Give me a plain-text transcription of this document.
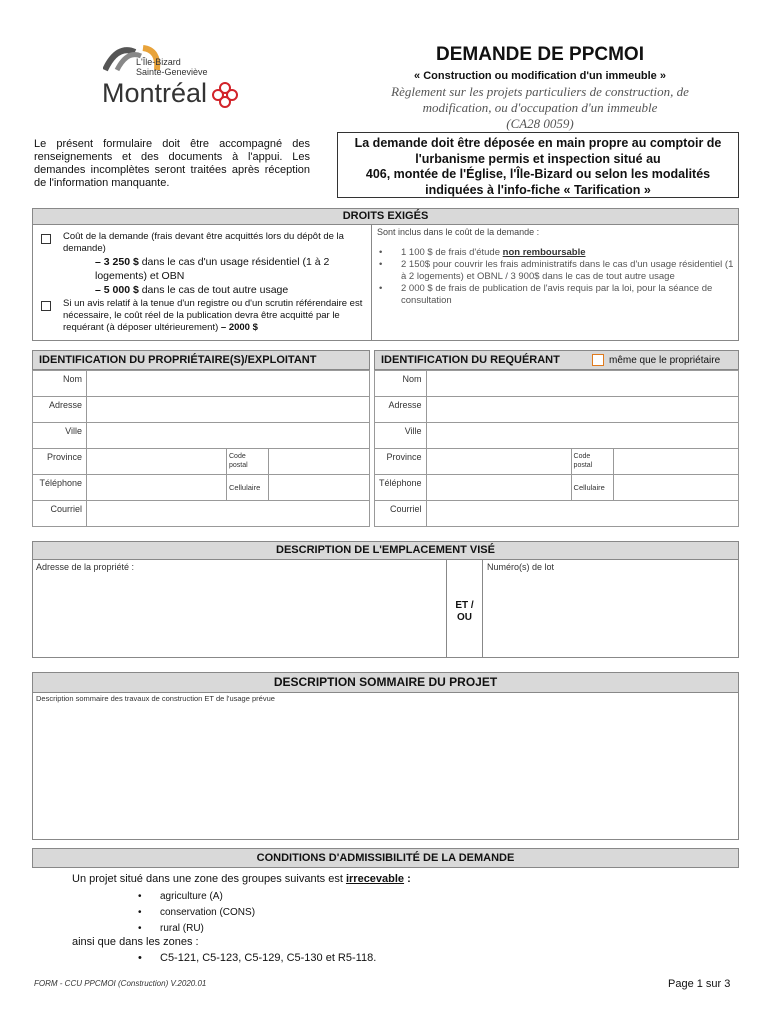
L'Île-Bizard
Sainte-Geneviève
Montréal
DEMANDE DE PPCMOI
« Construction ou modification d'un immeuble »
Règlement sur les projets particuliers de construction, de
modification, ou d'occupation d'un immeuble
(CA28 0059)
Le présent formulaire doit être accompagné des renseignements et des documents à l'appui. Les demandes incomplètes seront traitées après réception de l'information manquante.
La demande doit être déposée en main propre au comptoir de
l'urbanisme permis et inspection situé au
406, montée de l'Église, l'Île-Bizard ou selon les modalités
indiquées à l'info-fiche « Tarification »
DROITS EXIGÉS
Coût de la demande (frais devant être acquittés lors du dépôt de la demande)
– 3 250 $ dans le cas d'un usage résidentiel (1 à 2 logements) et OBN
– 5 000 $ dans le cas de tout autre usage
Si un avis relatif à la tenue d'un registre ou d'un scrutin référendaire est nécessaire, le coût réel de la publication devra être acquitté par le requérant (à déposer ultérieurement) – 2000 $
Sont inclus dans le coût de la demande :
• 1 100 $ de frais d'étude non remboursable
• 2 150$ pour couvrir les frais administratifs dans le cas d'un usage résidentiel (1 à 2 logements) et OBNL / 3 900$ dans le cas de tout autre usage
• 2 000 $ de frais de publication de l'avis requis par la loi, pour la séance de consultation
IDENTIFICATION DU PROPRIÉTAIRE(S)/EXPLOITANT	IDENTIFICATION DU REQUÉRANT	même que le propriétaire
Nom			
Adresse			
Ville			
Province		Code postal	
Téléphone		Cellulaire	
Courriel			
Nom			
Adresse			
Ville			
Province		Code postal	
Téléphone		Cellulaire	
Courriel			
DESCRIPTION DE L'EMPLACEMENT VISÉ
Adresse de la propriété :
ET / OU
Numéro(s) de lot
DESCRIPTION SOMMAIRE DU PROJET
Description sommaire des travaux de construction ET de l'usage prévue
CONDITIONS D'ADMISSIBILITÉ DE LA DEMANDE
Un projet situé dans une zone des groupes suivants est irrecevable :
• agriculture (A)
• conservation (CONS)
• rural (RU)
ainsi que dans les zones :
• C5-121, C5-123, C5-129, C5-130 et R5-118.
FORM - CCU PPCMOI (Construction) V.2020.01	Page 1 sur 3
